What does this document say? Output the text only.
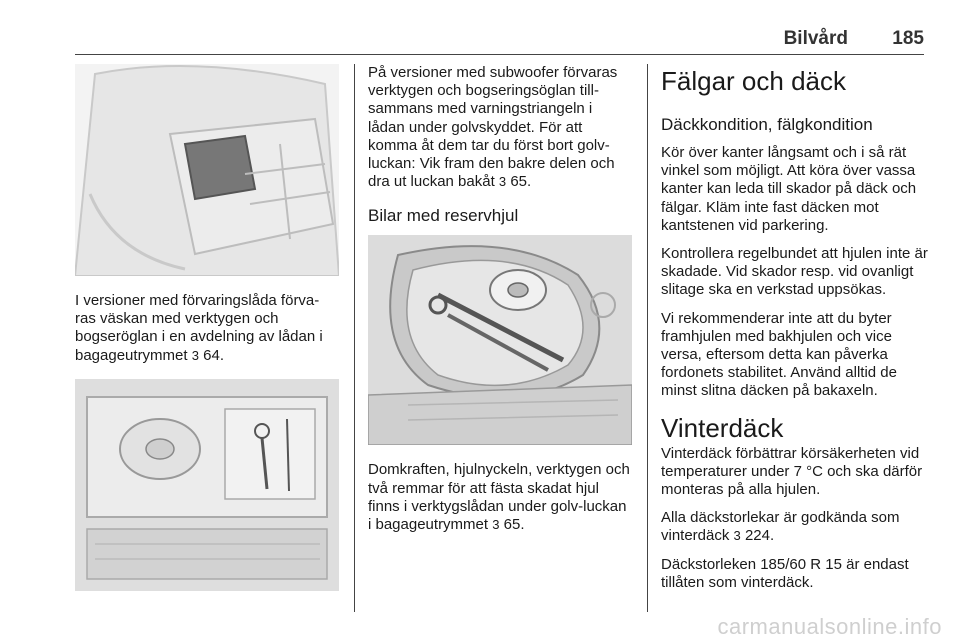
Bilvård 185

I versioner med förvaringslåda förva-ras väskan med verktygen och bogseröglan i en avdelning av lådan i bagageutrymmet 3 64.

På versioner med subwoofer förvaras verktygen och bogseringsöglan till-sammans med varningstriangeln i lådan under golvskyddet. För att komma åt dem tar du först bort golv-luckan: Vik fram den bakre delen och dra ut luckan bakåt 3 65.

Bilar med reservhjul

Domkraften, hjulnyckeln, verktygen och två remmar för att fästa skadat hjul finns i verktygslådan under golv-luckan i bagageutrymmet 3 65.

Fälgar och däck
Däckkondition, fälgkondition

Kör över kanter långsamt och i så rät vinkel som möjligt. Att köra över vassa kanter kan leda till skador på däck och fälgar. Kläm inte fast däcken mot kantstenen vid parkering.

Kontrollera regelbundet att hjulen inte är skadade. Vid skador resp. vid ovanligt slitage ska en verkstad uppsökas.

Vi rekommenderar inte att du byter framhjulen med bakhjulen och vice versa, eftersom detta kan påverka fordonets stabilitet. Använd alltid de minst slitna däcken på bakaxeln.

Vinterdäck

Vinterdäck förbättrar körsäkerheten vid temperaturer under 7 °C och ska därför monteras på alla hjulen.

Alla däckstorlekar är godkända som vinterdäck 3 224.

Däckstorleken 185/60 R 15 är endast tillåten som vinterdäck.

carmanualsonline.info
